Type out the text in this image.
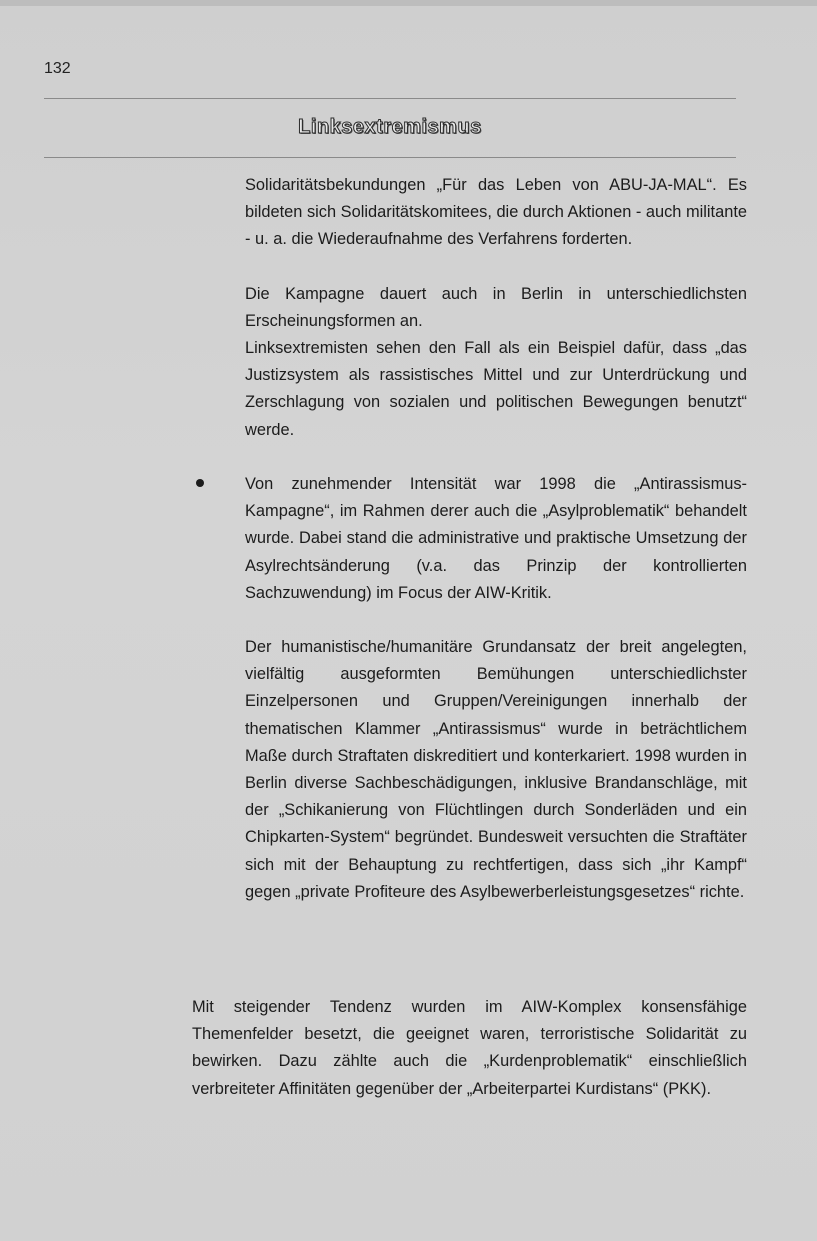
132
Linksextremismus

Solidaritätsbekundungen „Für das Leben von ABU-JA-MAL“. Es bildeten sich Solidaritätskomitees, die durch Aktionen - auch militante - u. a. die Wiederaufnahme des Verfahrens forderten.

Die Kampagne dauert auch in Berlin in unterschiedlichsten Erscheinungsformen an.

Linksextremisten sehen den Fall als ein Beispiel dafür, dass „das Justizsystem als rassistisches Mittel und zur Unterdrückung und Zerschlagung von sozialen und politischen Bewegungen benutzt“ werde.

Von zunehmender Intensität war 1998 die „Antirassismus-Kampagne“, im Rahmen derer auch die „Asylproblematik“ behandelt wurde. Dabei stand die administrative und praktische Umsetzung der Asylrechtsänderung (v.a. das Prinzip der kontrollierten Sachzuwendung) im Focus der AIW-Kritik.

Der humanistische/humanitäre Grundansatz der breit angelegten, vielfältig ausgeformten Bemühungen unterschiedlichster Einzelpersonen und Gruppen/Vereinigungen innerhalb der thematischen Klammer „Antirassismus“ wurde in beträchtlichem Maße durch Straftaten diskreditiert und konterkariert. 1998 wurden in Berlin diverse Sachbeschädigungen, inklusive Brandanschläge, mit der „Schikanierung von Flüchtlingen durch Sonderläden und ein Chipkarten-System“ begründet. Bundesweit versuchten die Straftäter sich mit der Behauptung zu rechtfertigen, dass sich „ihr Kampf“ gegen „private Profiteure des Asylbewerberleistungsgesetzes“ richte.

Mit steigender Tendenz wurden im AIW-Komplex konsensfähige Themenfelder besetzt, die geeignet waren, terroristische Solidarität zu bewirken. Dazu zählte auch die „Kurdenproblematik“ einschließlich verbreiteter Affinitäten gegenüber der „Arbeiterpartei Kurdistans“ (PKK).
